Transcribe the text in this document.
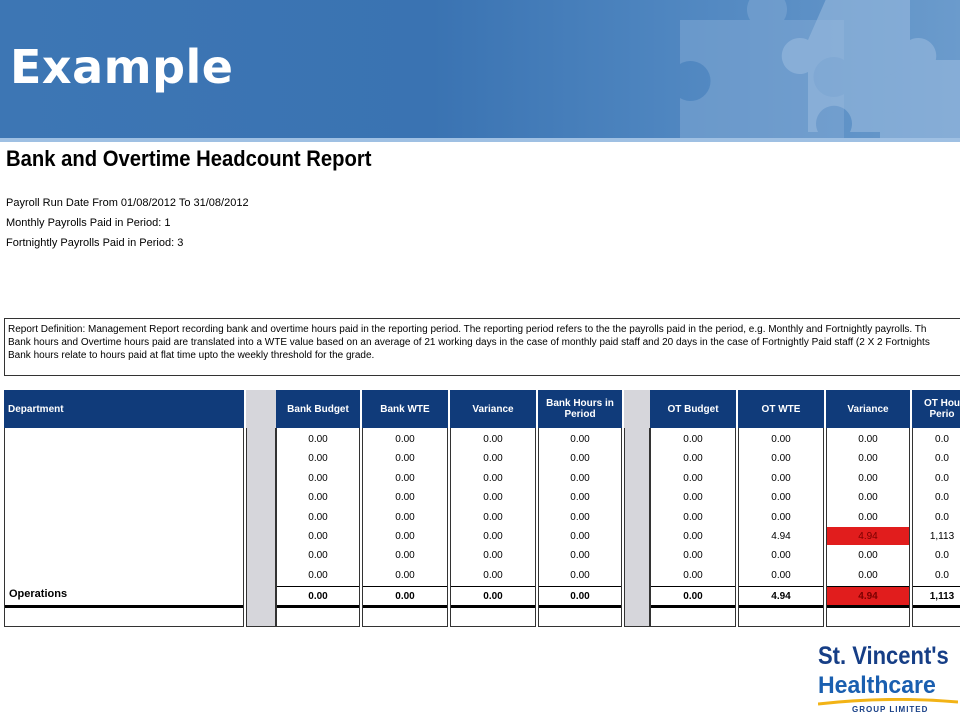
Example
Bank and Overtime Headcount Report
Payroll Run Date From 01/08/2012 To 31/08/2012
Monthly Payrolls Paid in Period: 1
Fortnightly Payrolls Paid in Period: 3
Report Definition: Management Report recording bank and overtime hours paid in the reporting period. The reporting period refers to the the payrolls paid in the period, e.g. Monthly and Fortnightly payrolls. Th
Bank hours and Overtime hours paid are translated into a WTE value based on an average of 21 working days in the case of monthly paid staff and 20 days in the case of Fortnightly Paid staff (2 X 2 Fortnights
Bank hours relate to hours paid at flat time upto the weekly threshold for the grade.
Department
Operations
Bank Budget
0.00
0.00
0.00
0.00
0.00
0.00
0.00
0.00
0.00
Bank WTE
0.00
0.00
0.00
0.00
0.00
0.00
0.00
0.00
0.00
Variance
0.00
0.00
0.00
0.00
0.00
0.00
0.00
0.00
0.00
Bank Hours in Period
0.00
0.00
0.00
0.00
0.00
0.00
0.00
0.00
0.00
OT Budget
0.00
0.00
0.00
0.00
0.00
0.00
0.00
0.00
0.00
OT WTE
0.00
0.00
0.00
0.00
0.00
4.94
0.00
0.00
4.94
Variance
0.00
0.00
0.00
0.00
0.00
4.94
0.00
0.00
4.94
OT Hou Perio
0.0
0.0
0.0
0.0
0.0
1,113
0.0
0.0
1,113
St. Vincent's
Healthcare
GROUP LIMITED
